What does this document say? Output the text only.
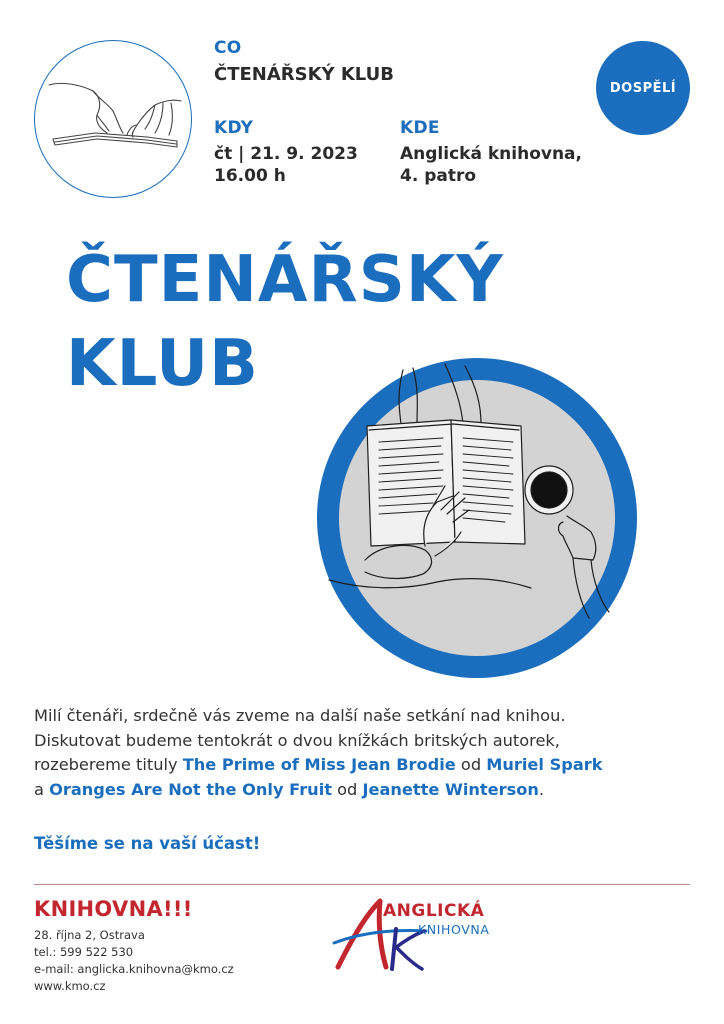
CO
ČTENÁŘSKÝ KLUB
KDY
čt | 21. 9. 2023
16.00 h
KDE
Anglická knihovna,
4. patro
DOSPĚLÍ
ČTENÁŘSKÝ
KLUB
Milí čtenáři, srdečně vás zveme na další naše setkání nad knihou.
Diskutovat budeme tentokrát o dvou knížkách britských autorek,
rozebereme tituly The Prime of Miss Jean Brodie od Muriel Spark
a Oranges Are Not the Only Fruit od Jeanette Winterson.
Těšíme se na vaší účast!
KNIHOVNA!!!
28. října 2, Ostrava
tel.: 599 522 530
e-mail: anglicka.knihovna@kmo.cz
www.kmo.cz
ANGLICKÁ
KNIHOVNA
